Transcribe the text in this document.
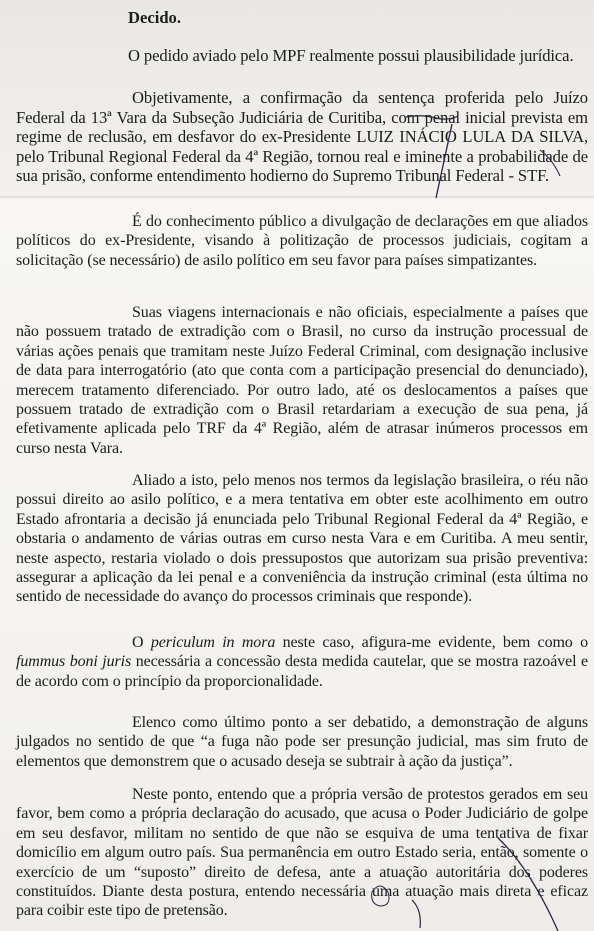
Decido.

O pedido aviado pelo MPF realmente possui plausibilidade jurídica.

Objetivamente, a confirmação da sentença proferida pelo Juízo Federal da 13ª Vara da Subseção Judiciária de Curitiba, com penal inicial prevista em regime de reclusão, em desfavor do ex-Presidente LUIZ INÁCIO LULA DA SILVA, pelo Tribunal Regional Federal da 4ª Região, tornou real e iminente a probabilidade de sua prisão, conforme entendimento hodierno do Supremo Tribunal Federal - STF.

É do conhecimento público a divulgação de declarações em que aliados políticos do ex-Presidente, visando à politização de processos judiciais, cogitam a solicitação (se necessário) de asilo político em seu favor para países simpatizantes.

Suas viagens internacionais e não oficiais, especialmente a países que não possuem tratado de extradição com o Brasil, no curso da instrução processual de várias ações penais que tramitam neste Juízo Federal Criminal, com designação inclusive de data para interrogatório (ato que conta com a participação presencial do denunciado), merecem tratamento diferenciado. Por outro lado, até os deslocamentos a países que possuem tratado de extradição com o Brasil retardariam a execução de sua pena, já efetivamente aplicada pelo TRF da 4ª Região, além de atrasar inúmeros processos em curso nesta Vara.

Aliado a isto, pelo menos nos termos da legislação brasileira, o réu não possui direito ao asilo político, e a mera tentativa em obter este acolhimento em outro Estado afrontaria a decisão já enunciada pelo Tribunal Regional Federal da 4ª Região, e obstaria o andamento de várias outras em curso nesta Vara e em Curitiba. A meu sentir, neste aspecto, restaria violado o dois pressupostos que autorizam sua prisão preventiva: assegurar a aplicação da lei penal e a conveniência da instrução criminal (esta última no sentido de necessidade do avanço do processos criminais que responde).

O periculum in mora neste caso, afigura-me evidente, bem como o fummus boni juris necessária a concessão desta medida cautelar, que se mostra razoável e de acordo com o princípio da proporcionalidade.

Elenco como último ponto a ser debatido, a demonstração de alguns julgados no sentido de que “a fuga não pode ser presunção judicial, mas sim fruto de elementos que demonstrem que o acusado deseja se subtrair à ação da justiça”.

Neste ponto, entendo que a própria versão de protestos gerados em seu favor, bem como a própria declaração do acusado, que acusa o Poder Judiciário de golpe em seu desfavor, militam no sentido de que não se esquiva de uma tentativa de fixar domicílio em algum outro país. Sua permanência em outro Estado seria, então, somente o exercício de um “suposto” direito de defesa, ante a atuação autoritária dos poderes constituídos. Diante desta postura, entendo necessária uma atuação mais direta e eficaz para coibir este tipo de pretensão.
